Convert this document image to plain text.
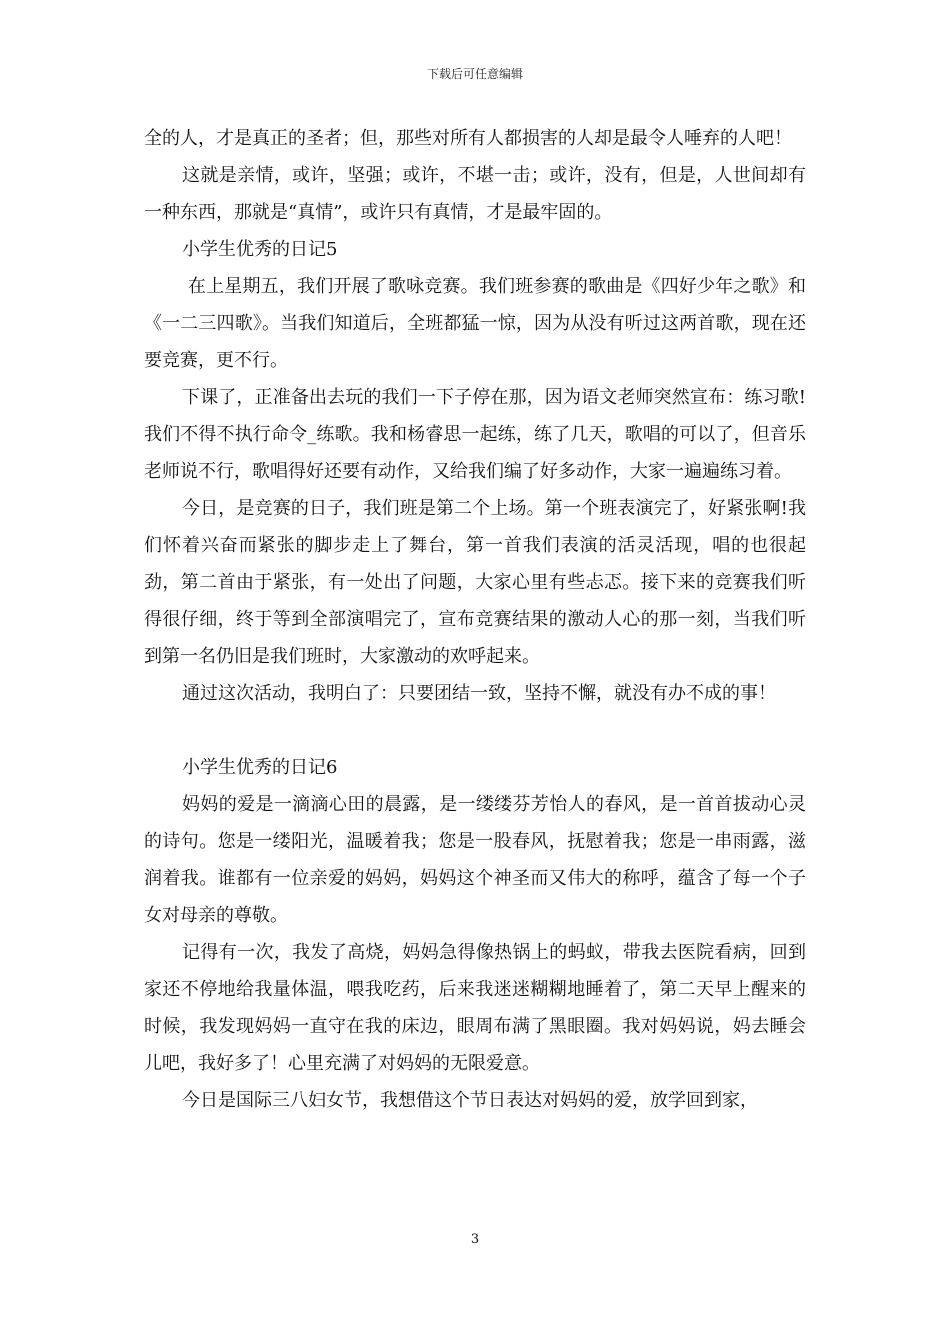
下载后可任意编辑

全的人，才是真正的圣者；但，那些对所有人都损害的人却是最令人唾弃的人吧！

这就是亲情，或许，坚强；或许，不堪一击；或许，没有，但是，人世间却有一种东西，那就是“真情”，或许只有真情，才是最牢固的。

小学生优秀的日记5

在上星期五，我们开展了歌咏竞赛。我们班参赛的歌曲是《四好少年之歌》和《一二三四歌》。当我们知道后，全班都猛一惊，因为从没有听过这两首歌，现在还要竞赛，更不行。

下课了，正准备出去玩的我们一下子停在那，因为语文老师突然宣布：练习歌!我们不得不执行命令_练歌。我和杨睿思一起练，练了几天，歌唱的可以了，但音乐老师说不行，歌唱得好还要有动作，又给我们编了好多动作，大家一遍遍练习着。

今日，是竞赛的日子，我们班是第二个上场。第一个班表演完了，好紧张啊!我们怀着兴奋而紧张的脚步走上了舞台，第一首我们表演的活灵活现，唱的也很起劲，第二首由于紧张，有一处出了问题，大家心里有些忐忑。接下来的竞赛我们听得很仔细，终于等到全部演唱完了，宣布竞赛结果的激动人心的那一刻，当我们听到第一名仍旧是我们班时，大家激动的欢呼起来。

通过这次活动，我明白了：只要团结一致，坚持不懈，就没有办不成的事！

小学生优秀的日记6

妈妈的爱是一滴滴心田的晨露，是一缕缕芬芳怡人的春风，是一首首拔动心灵的诗句。您是一缕阳光，温暖着我；您是一股春风，抚慰着我；您是一串雨露，滋润着我。谁都有一位亲爱的妈妈，妈妈这个神圣而又伟大的称呼，蕴含了每一个子女对母亲的尊敬。

记得有一次，我发了高烧，妈妈急得像热锅上的蚂蚁，带我去医院看病，回到家还不停地给我量体温，喂我吃药，后来我迷迷糊糊地睡着了，第二天早上醒来的时候，我发现妈妈一直守在我的床边，眼周布满了黑眼圈。我对妈妈说，妈去睡会儿吧，我好多了！心里充满了对妈妈的无限爱意。

今日是国际三八妇女节，我想借这个节日表达对妈妈的爱，放学回到家，

3
